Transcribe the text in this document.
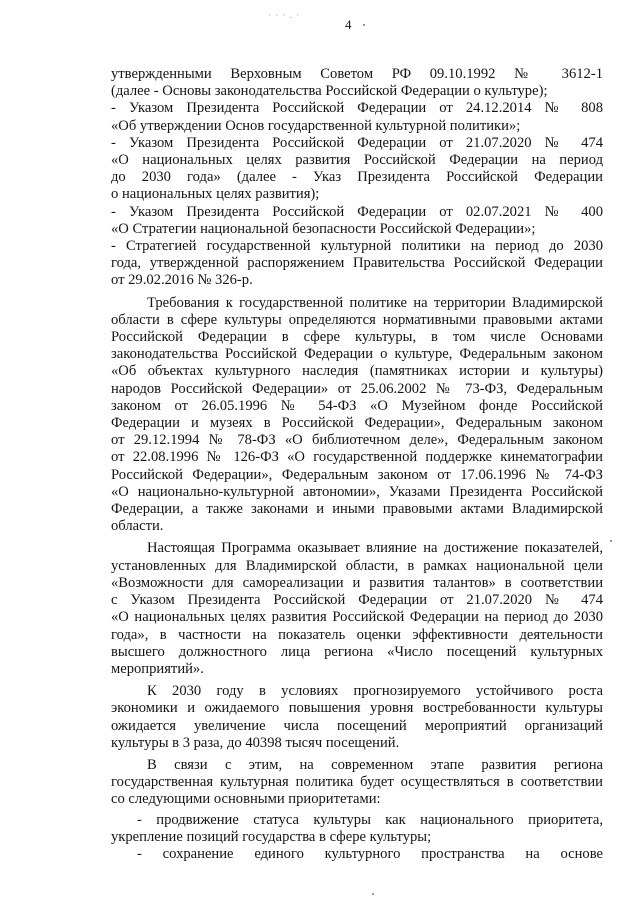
· · · . ·
4

утвержденными Верховным Советом РФ 09.10.1992 № 3612-1

(далее - Основы законодательства Российской Федерации о культуре);

- Указом Президента Российской Федерации от 24.12.2014 № 808

«Об утверждении Основ государственной культурной политики»;

- Указом Президента Российской Федерации от 21.07.2020 № 474

«О национальных целях развития Российской Федерации на период

до 2030 года» (далее - Указ Президента Российской Федерации

о национальных целях развития);

- Указом Президента Российской Федерации от 02.07.2021 № 400

«О Стратегии национальной безопасности Российской Федерации»;

- Стратегией государственной культурной политики на период до 2030

года, утвержденной распоряжением Правительства Российской Федерации

от 29.02.2016 № 326-р.

Требования к государственной политике на территории Владимирской

области в сфере культуры определяются нормативными правовыми актами

Российской Федерации в сфере культуры, в том числе Основами

законодательства Российской Федерации о культуре, Федеральным законом

«Об объектах культурного наследия (памятниках истории и культуры)

народов Российской Федерации» от 25.06.2002 № 73-ФЗ, Федеральным

законом от 26.05.1996 № 54-ФЗ «О Музейном фонде Российской

Федерации и музеях в Российской Федерации», Федеральным законом

от 29.12.1994 № 78-ФЗ «О библиотечном деле», Федеральным законом

от 22.08.1996 № 126-ФЗ «О государственной поддержке кинематографии

Российской Федерации», Федеральным законом от 17.06.1996 № 74-ФЗ

«О национально-культурной автономии», Указами Президента Российской

Федерации, а также законами и иными правовыми актами Владимирской

области.

Настоящая Программа оказывает влияние на достижение показателей,

установленных для Владимирской области, в рамках национальной цели

«Возможности для самореализации и развития талантов» в соответствии

с Указом Президента Российской Федерации от 21.07.2020 № 474

«О национальных целях развития Российской Федерации на период до 2030

года», в частности на показатель оценки эффективности деятельности

высшего должностного лица региона «Число посещений культурных

мероприятий».

К 2030 году в условиях прогнозируемого устойчивого роста

экономики и ожидаемого повышения уровня востребованности культуры

ожидается увеличение числа посещений мероприятий организаций

культуры в 3 раза, до 40398 тысяч посещений.

В связи с этим, на современном этапе развития региона

государственная культурная политика будет осуществляться в соответствии

со следующими основными приоритетами:

- продвижение статуса культуры как национального приоритета,

укрепление позиций государства в сфере культуры;

- сохранение единого культурного пространства на основе
